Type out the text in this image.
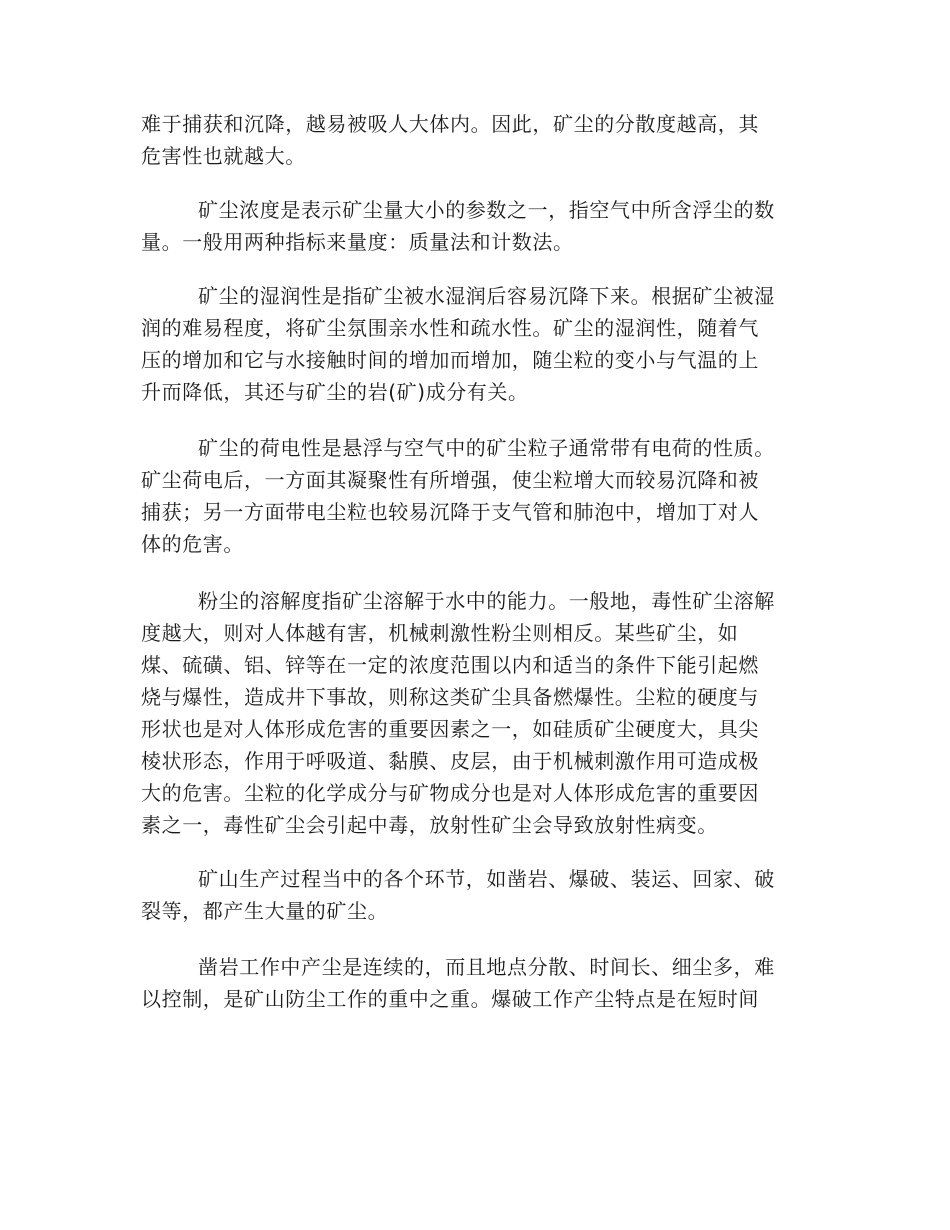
难于捕获和沉降，越易被吸人大体内。因此，矿尘的分散度越高，其
危害性也就越大。
矿尘浓度是表示矿尘量大小的参数之一，指空气中所含浮尘的数
量。一般用两种指标来量度：质量法和计数法。
矿尘的湿润性是指矿尘被水湿润后容易沉降下来。根据矿尘被湿
润的难易程度，将矿尘氛围亲水性和疏水性。矿尘的湿润性，随着气
压的增加和它与水接触时间的增加而增加，随尘粒的变小与气温的上
升而降低，其还与矿尘的岩(矿)成分有关。
矿尘的荷电性是悬浮与空气中的矿尘粒子通常带有电荷的性质。
矿尘荷电后，一方面其凝聚性有所增强，使尘粒增大而较易沉降和被
捕获；另一方面带电尘粒也较易沉降于支气管和肺泡中，增加丁对人
体的危害。
粉尘的溶解度指矿尘溶解于水中的能力。一般地，毒性矿尘溶解
度越大，则对人体越有害，机械刺激性粉尘则相反。某些矿尘，如
煤、硫磺、铝、锌等在一定的浓度范围以内和适当的条件下能引起燃
烧与爆性，造成井下事故，则称这类矿尘具备燃爆性。尘粒的硬度与
形状也是对人体形成危害的重要因素之一，如硅质矿尘硬度大，具尖
棱状形态，作用于呼吸道、黏膜、皮层，由于机械刺激作用可造成极
大的危害。尘粒的化学成分与矿物成分也是对人体形成危害的重要因
素之一，毒性矿尘会引起中毒，放射性矿尘会导致放射性病变。
矿山生产过程当中的各个环节，如凿岩、爆破、装运、回家、破
裂等，都产生大量的矿尘。
凿岩工作中产尘是连续的，而且地点分散、时间长、细尘多，难
以控制，是矿山防尘工作的重中之重。爆破工作产尘特点是在短时间
